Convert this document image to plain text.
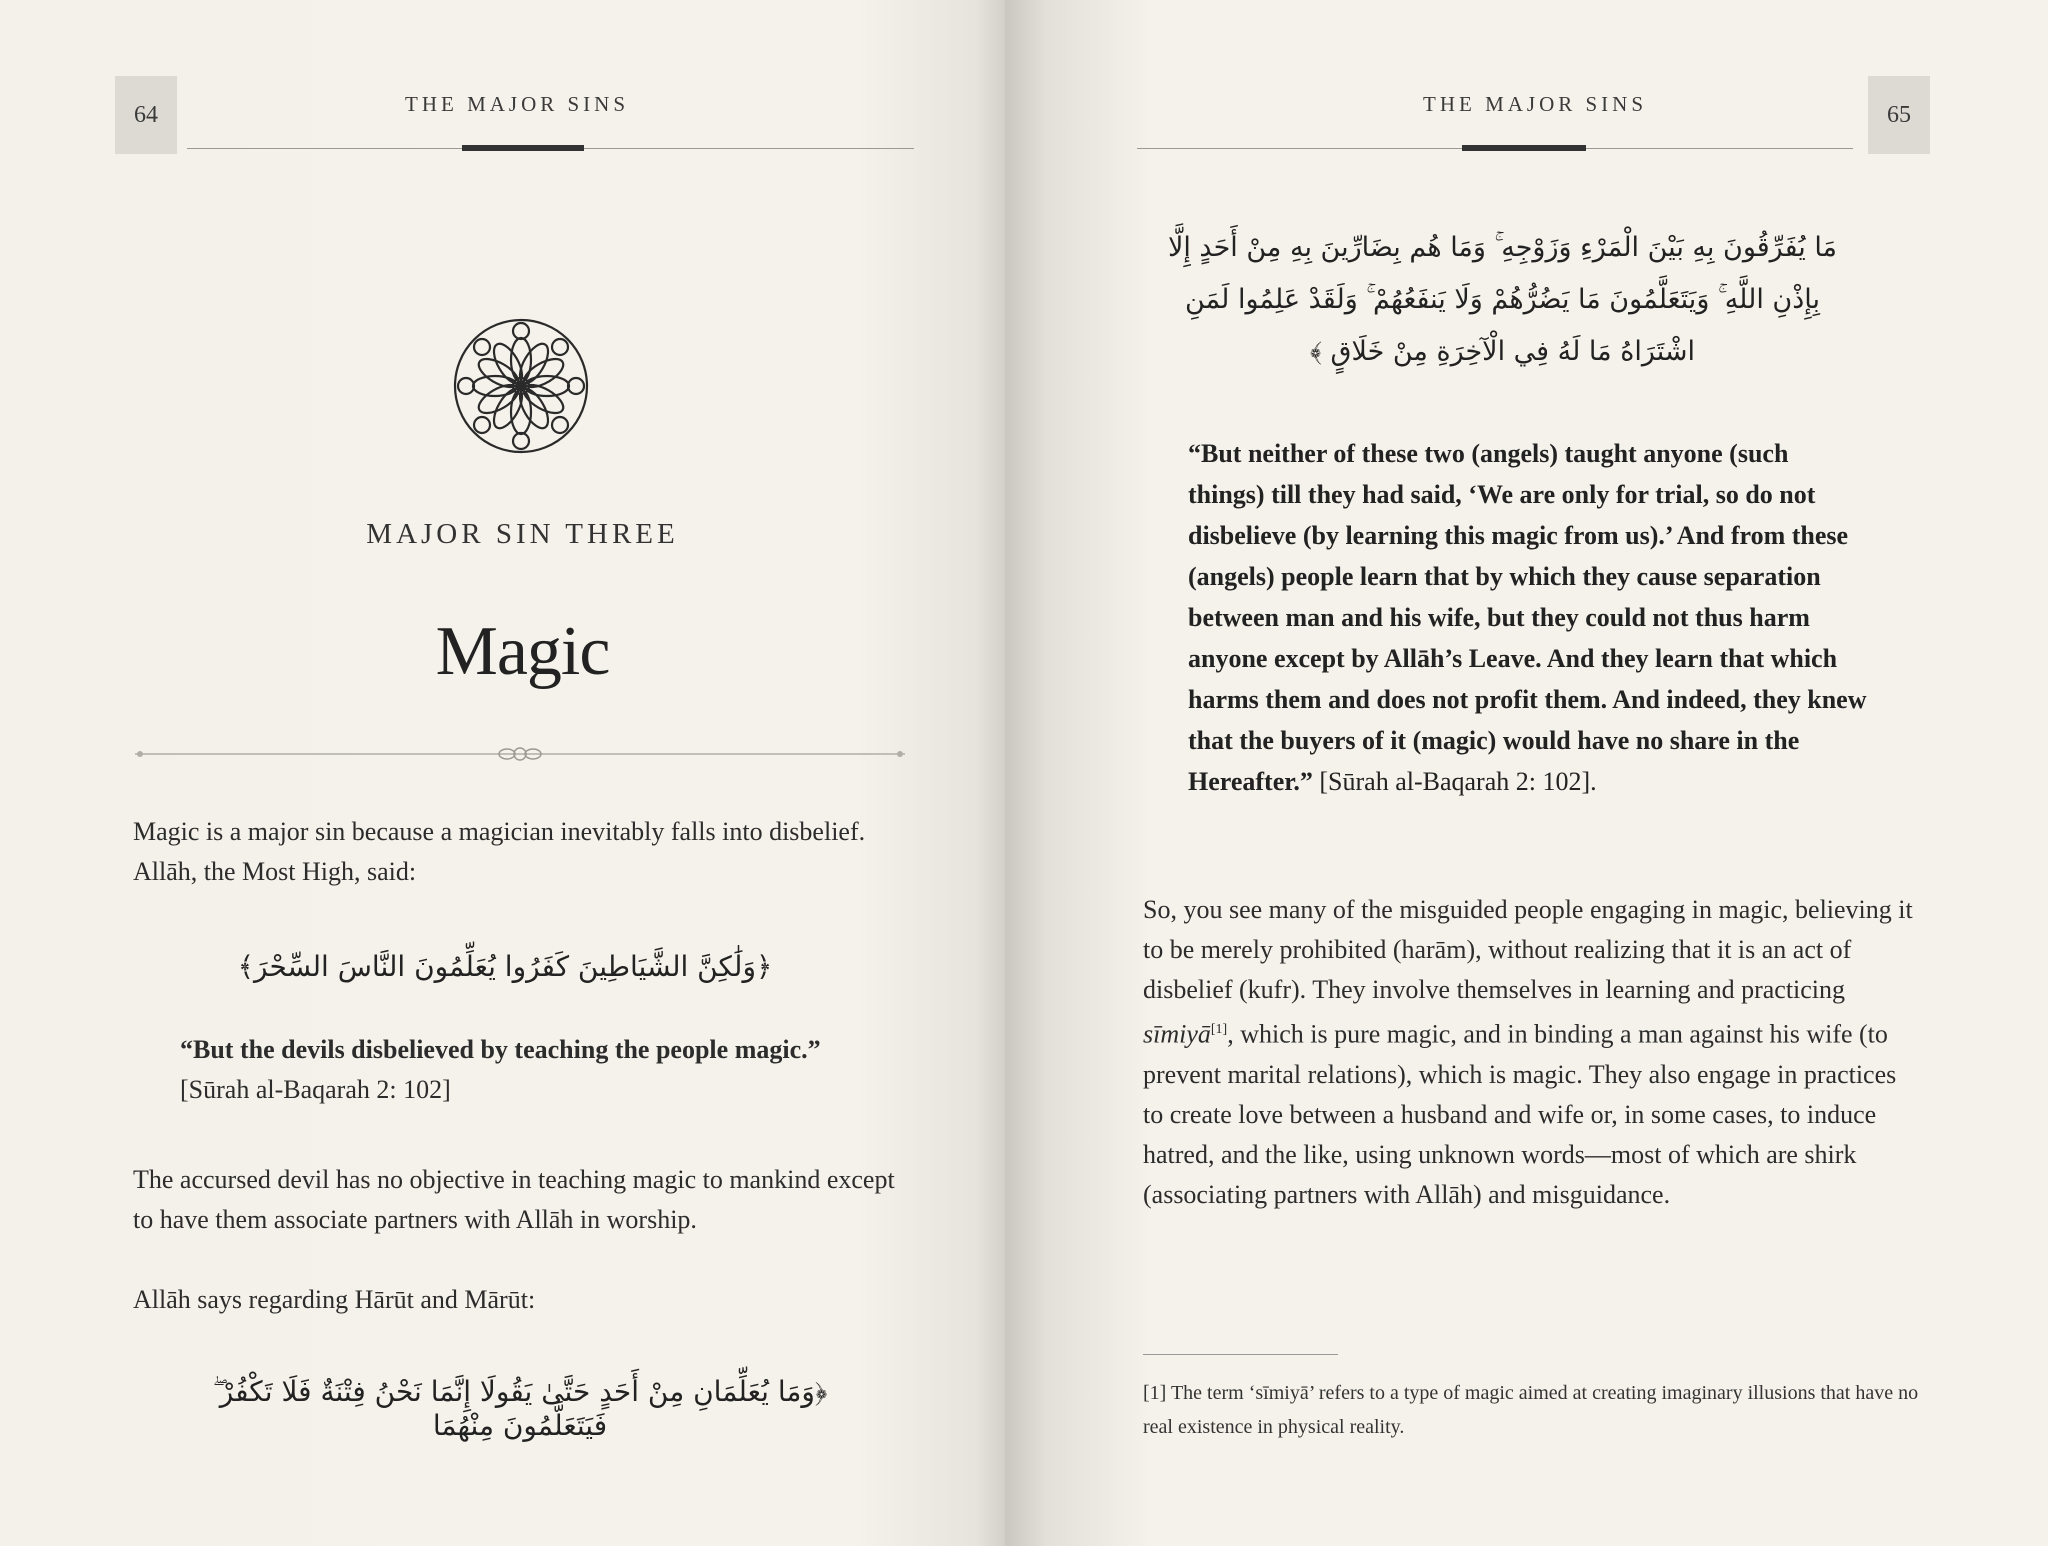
64	THE MAJOR SINS
MAJOR SIN THREE
Magic
Magic is a major sin because a magician inevitably falls into disbelief. Allāh, the Most High, said:
﴿وَلَٰكِنَّ الشَّيَاطِينَ كَفَرُوا يُعَلِّمُونَ النَّاسَ السِّحْرَ﴾
“But the devils disbelieved by teaching the people magic.” [Sūrah al-Baqarah 2: 102]
The accursed devil has no objective in teaching magic to mankind except to have them associate partners with Allāh in worship.
Allāh says regarding Hārūt and Mārūt:
﴿وَمَا يُعَلِّمَانِ مِنْ أَحَدٍ حَتَّىٰ يَقُولَا إِنَّمَا نَحْنُ فِتْنَةٌ فَلَا تَكْفُرْ ۖ فَيَتَعَلَّمُونَ مِنْهُمَا
65
THE MAJOR SINS
مَا يُفَرِّقُونَ بِهِ بَيْنَ الْمَرْءِ وَزَوْجِهِ ۚ وَمَا هُم بِضَارِّينَ بِهِ مِنْ أَحَدٍ إِلَّا بِإِذْنِ اللَّهِ ۚ وَيَتَعَلَّمُونَ مَا يَضُرُّهُمْ وَلَا يَنفَعُهُمْ ۚ وَلَقَدْ عَلِمُوا لَمَنِ اشْتَرَاهُ مَا لَهُ فِي الْآخِرَةِ مِنْ خَلَاقٍ ﴾
“But neither of these two (angels) taught anyone (such things) till they had said, ‘We are only for trial, so do not disbelieve (by learning this magic from us).’ And from these (angels) people learn that by which they cause separation between man and his wife, but they could not thus harm anyone except by Allāh’s Leave. And they learn that which harms them and does not profit them. And indeed, they knew that the buyers of it (magic) would have no share in the Hereafter.” [Sūrah al-Baqarah 2: 102].
So, you see many of the misguided people engaging in magic, believing it to be merely prohibited (harām), without realizing that it is an act of disbelief (kufr). They involve themselves in learning and practicing sīmiyā[1], which is pure magic, and in binding a man against his wife (to prevent marital relations), which is magic. They also engage in practices to create love between a husband and wife or, in some cases, to induce hatred, and the like, using unknown words—most of which are shirk (associating partners with Allāh) and misguidance.
[1] The term ‘sīmiyā’ refers to a type of magic aimed at creating imaginary illusions that have no real existence in physical reality.
